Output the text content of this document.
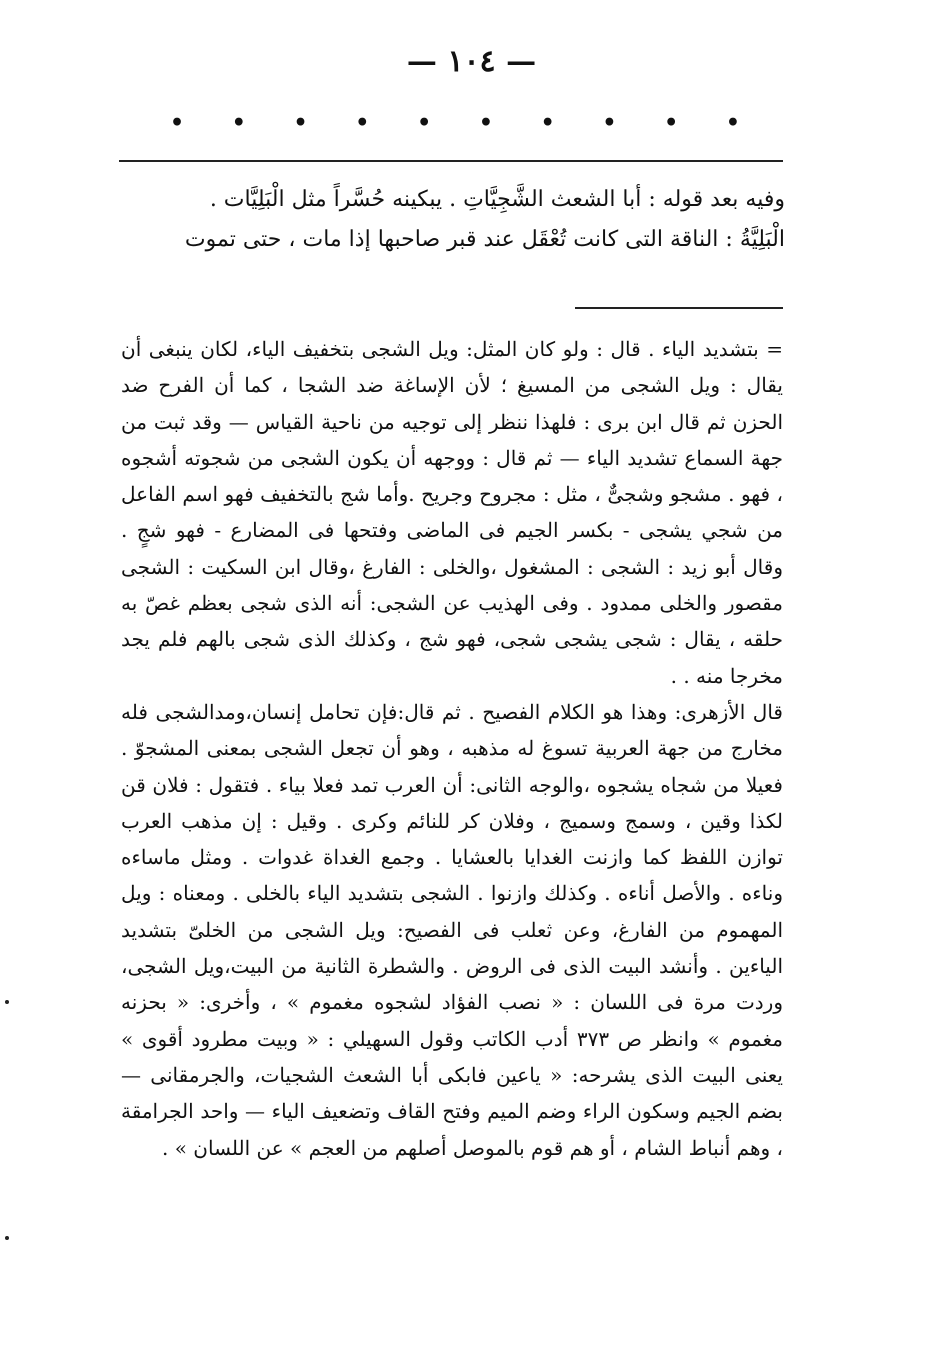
— ١٠٤ —
• • • • • • • • • •

وفيه بعد قوله : أبا الشعث الشَّجِيَّاتِ . يبكينه حُسَّراً مثل الْبَلِيَّات .

الْبَلِيَّةُ : الناقة التى كانت تُعْقَل عند قبر صاحبها إذا مات ، حتى تموت

= بتشديد الياء . قال : ولو كان المثل: ويل الشجى بتخفيف الياء، لكان ينبغى أن يقال : ويل الشجى من المسيغ ؛ لأن الإساغة ضد الشجا ، كما أن الفرح ضد الحزن ثم قال ابن برى : فلهذا ننظر إلى توجيه من ناحية القياس — وقد ثبت من جهة السماع تشديد الياء — ثم قال : ووجهه أن يكون الشجى من شجوته أشجوه ، فهو . مشجو وشجىٌّ ، مثل : مجروح وجريح .وأما شج بالتخفيف فهو اسم الفاعل من شجي يشجى - بكسر الجيم فى الماضى وفتحها فى المضارع - فهو شجٍ . وقال أبو زيد : الشجى : المشغول ،والخلى : الفارغ ،وقال ابن السكيت : الشجى مقصور والخلى ممدود . وفى الهذيب عن الشجى: أنه الذى شجى بعظم غصّ به حلقه ، يقال : شجى يشجى شجى، فهو شج ، وكذلك الذى شجى بالهم فلم يجد مخرجا منه . .

قال الأزهرى: وهذا هو الكلام الفصيح . ثم قال:فإن تحامل إنسان،ومدالشجى فله مخارج من جهة العربية تسوغ له مذهبه ، وهو أن تجعل الشجى بمعنى المشجوّ . فعيلا من شجاه يشجوه ،والوجه الثانى: أن العرب تمد فعلا بياء . فتقول : فلان قن لكذا وقين ، وسمج وسميج ، وفلان كر للنائم وكرى . وقيل : إن مذهب العرب توازن اللفظ كما وازنت الغدايا بالعشايا . وجمع الغداة غدوات . ومثل ماساءه وناءه . والأصل أناءه . وكذلك وازنوا . الشجى بتشديد الياء بالخلى . ومعناه : ويل المهموم من الفارغ، وعن ثعلب فى الفصيح: ويل الشجى من الخلىّ بتشديد الياءين . وأنشد البيت الذى فى الروض . والشطرة الثانية من البيت،ويل الشجى، وردت مرة فى اللسان : « نصب الفؤاد لشجوه مغموم » ، وأخرى: « بحزنه مغموم » وانظر ص ٣٧٣ أدب الكاتب وقول السهيلي : « وبيت مطرود أقوى » يعنى البيت الذى يشرحه: « ياعين فابكى أبا الشعث الشجيات، والجرمقانى — بضم الجيم وسكون الراء وضم الميم وفتح القاف وتضعيف الياء — واحد الجرامقة ، وهم أنباط الشام ، أو هم قوم بالموصل أصلهم من العجم » عن اللسان » .
